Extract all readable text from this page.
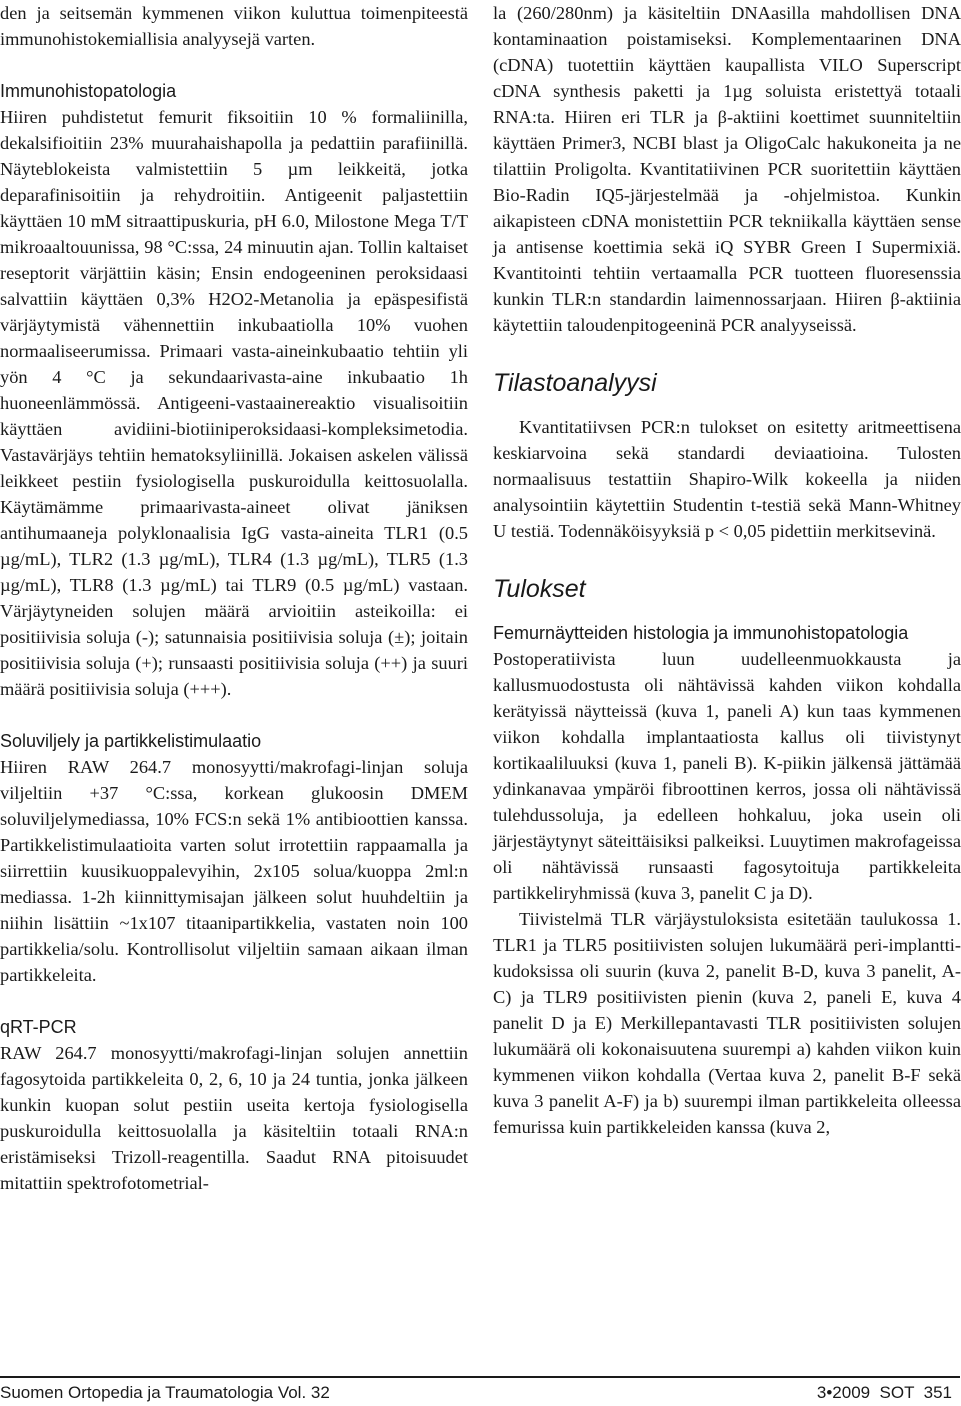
den ja seitsemän kymmenen viikon kuluttua toimenpiteestä immunohistokemiallisia analyysejä varten.

Immunohistopatologia

Hiiren puhdistetut femurit fiksoitiin 10 % formaliinilla, dekalsifioitiin 23% muurahaishapolla ja pedattiin parafiinillä. Näyteblokeista valmistettiin 5 µm leikkeitä, jotka deparafinisoitiin ja rehydroitiin. Antigeenit paljastettiin käyttäen 10 mM sitraattipuskuria, pH 6.0, Milostone Mega T/T mikroaaltouunissa, 98 °C:ssa, 24 minuutin ajan. Tollin kaltaiset reseptorit värjättiin käsin; Ensin endogeeninen peroksidaasi salvattiin käyttäen 0,3% H2O2-Metanolia ja epäspesifistä värjäytymistä vähennettiin inkubaatiolla 10% vuohen normaaliseerumissa. Primaari vasta-aineinkubaatio tehtiin yli yön 4 °C ja sekundaarivasta-aine inkubaatio 1h huoneenlämmössä. Antigeeni-vastaainereaktio visualisoitiin käyttäen avidiini-biotiiniperoksidaasi-kompleksimetodia. Vastavärjäys tehtiin hematoksyliinillä. Jokaisen askelen välissä leikkeet pestiin fysiologisella puskuroidulla keittosuolalla. Käytämämme primaarivasta-aineet olivat jäniksen antihumaaneja polyklonaalisia IgG vasta-aineita TLR1 (0.5 µg/mL), TLR2 (1.3 µg/mL), TLR4 (1.3 µg/mL), TLR5 (1.3 µg/mL), TLR8 (1.3 µg/mL) tai TLR9 (0.5 µg/mL) vastaan. Värjäytyneiden solujen määrä arvioitiin asteikoilla: ei positiivisia soluja (-); satunnaisia positiivisia soluja (±); joitain positiivisia soluja (+); runsaasti positiivisia soluja (++) ja suuri määrä positiivisia soluja (+++).

Soluviljely ja partikkelistimulaatio

Hiiren RAW 264.7 monosyytti/makrofagi-linjan soluja viljeltiin +37 °C:ssa, korkean glukoosin DMEM soluviljelymediassa, 10% FCS:n sekä 1% antibioottien kanssa. Partikkelistimulaatioita varten solut irrotettiin rappaamalla ja siirrettiin kuusikuoppalevyihin, 2x105 solua/kuoppa 2ml:n mediassa. 1-2h kiinnittymisajan jälkeen solut huuhdeltiin ja niihin lisättiin ~1x107 titaanipartikkelia, vastaten noin 100 partikkelia/solu. Kontrollisolut viljeltiin samaan aikaan ilman partikkeleita.

qRT-PCR

RAW 264.7 monosyytti/makrofagi-linjan solujen annettiin fagosytoida partikkeleita 0, 2, 6, 10 ja 24 tuntia, jonka jälkeen kunkin kuopan solut pestiin useita kertoja fysiologisella puskuroidulla keittosuolalla ja käsiteltiin totaali RNA:n eristämiseksi Trizoll-reagentilla. Saadut RNA pitoisuudet mitattiin spektrofotometrial-

la (260/280nm) ja käsiteltiin DNAasilla mahdollisen DNA kontaminaation poistamiseksi. Komplementaarinen DNA (cDNA) tuotettiin käyttäen kaupallista VILO Superscript cDNA synthesis paketti ja 1µg soluista eristettyä totaali RNA:ta. Hiiren eri TLR ja β-aktiini koettimet suunniteltiin käyttäen Primer3, NCBI blast ja OligoCalc hakukoneita ja ne tilattiin Proligolta. Kvantitatiivinen PCR suoritettiin käyttäen Bio-Radin IQ5-järjestelmää ja -ohjelmistoa. Kunkin aikapisteen cDNA monistettiin PCR tekniikalla käyttäen sense ja antisense koettimia sekä iQ SYBR Green I Supermixiä. Kvantitointi tehtiin vertaamalla PCR tuotteen fluoresenssia kunkin TLR:n standardin laimennossarjaan. Hiiren β-aktiinia käytettiin taloudenpitogeeninä PCR analyyseissä.

Tilastoanalyysi

Kvantitatiivsen PCR:n tulokset on esitetty aritmeettisena keskiarvoina sekä standardi deviaatioina. Tulosten normaalisuus testattiin Shapiro-Wilk kokeella ja niiden analysointiin käytettiin Studentin t-testiä sekä Mann-Whitney U testiä. Todennäköisyyksiä p < 0,05 pidettiin merkitsevinä.

Tulokset
Femurnäytteiden histologia ja immunohistopatologia

Postoperatiivista luun uudelleenmuokkausta ja kallusmuodostusta oli nähtävissä kahden viikon kohdalla kerätyissä näytteissä (kuva 1, paneli A) kun taas kymmenen viikon kohdalla implantaatiosta kallus oli tiivistynyt kortikaaliluuksi (kuva 1, paneli B). K-piikin jälkensä jättämää ydinkanavaa ympäröi fibroottinen kerros, jossa oli nähtävissä tulehdussoluja, ja edelleen hohkaluu, joka usein oli järjestäytynyt säteittäisiksi palkeiksi. Luuytimen makrofageissa oli nähtävissä runsaasti fagosytoituja partikkeleita partikkeliryhmissä (kuva 3, panelit C ja D).

Tiivistelmä TLR värjäystuloksista esitetään taulukossa 1. TLR1 ja TLR5 positiivisten solujen lukumäärä peri-implanttikudoksissa oli suurin (kuva 2, panelit B-D, kuva 3 panelit, A-C) ja TLR9 positiivisten pienin (kuva 2, paneli E, kuva 4 panelit D ja E) Merkillepantavasti TLR positiivisten solujen lukumäärä oli kokonaisuutena suurempi a) kahden viikon kuin kymmenen viikon kohdalla (Vertaa kuva 2, panelit B-F sekä kuva 3 panelit A-F) ja b) suurempi ilman partikkeleita olleessa femurissa kuin partikkeleiden kanssa (kuva 2,

Suomen Ortopedia ja Traumatologia Vol. 32	3•2009  SOT  351
